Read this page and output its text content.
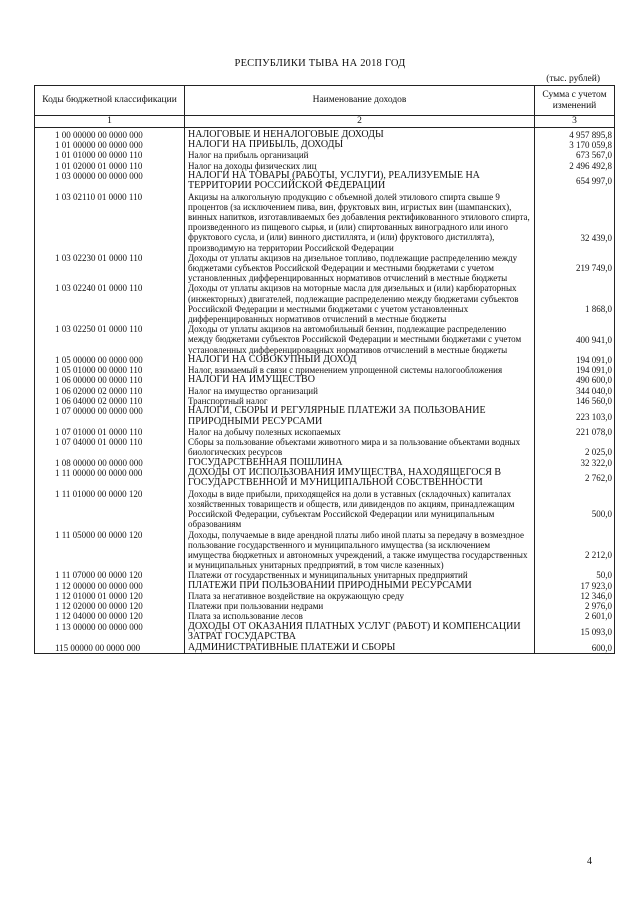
РЕСПУБЛИКИ ТЫВА НА 2018 ГОД
(тыс. рублей)
Коды бюджетной классификации	Наименование доходов	Сумма с учетом изменений
1	2	3
1 00 00000 00 0000 000	НАЛОГОВЫЕ И НЕНАЛОГОВЫЕ ДОХОДЫ	4 957 895,8
1 01 00000 00 0000 000	НАЛОГИ НА ПРИБЫЛЬ, ДОХОДЫ	3 170 059,8
1 01 01000 00 0000 110	Налог на прибыль организаций	673 567,0
1 01 02000 01 0000 110	Налог на доходы физических лиц	2 496 492,8
1 03 00000 00 0000 000	НАЛОГИ НА ТОВАРЫ (РАБОТЫ, УСЛУГИ), РЕАЛИЗУЕМЫЕ НА ТЕРРИТОРИИ РОССИЙСКОЙ ФЕДЕРАЦИИ	654 997,0
1 03 02110 01 0000 110	Акцизы на алкогольную продукцию с объемной долей этилового спирта свыше 9 процентов (за исключением пива, вин, фруктовых вин, игристых вин (шампанских), винных напитков, изготавливаемых без добавления ректификованного этилового спирта, произведенного из пищевого сырья, и (или) спиртованных виноградного или иного фруктового сусла, и (или) винного дистиллята, и (или) фруктового дистиллята), производимую на территории Российской Федерации	32 439,0
1 03 02230 01 0000 110	Доходы от уплаты акцизов на дизельное топливо, подлежащие распределению между бюджетами субъектов Российской Федерации и местными бюджетами с учетом установленных дифференцированных нормативов отчислений в местные бюджеты	219 749,0
1 03 02240 01 0000 110	Доходы от уплаты акцизов на моторные масла для дизельных и (или) карбюраторных (инжекторных) двигателей, подлежащие распределению между бюджетами субъектов Российской Федерации и местными бюджетами с учетом установленных дифференцированных нормативов отчислений в местные бюджеты	1 868,0
1 03 02250 01 0000 110	Доходы от уплаты акцизов на автомобильный бензин, подлежащие распределению между бюджетами субъектов Российской Федерации и местными бюджетами с учетом установленных дифференцированных нормативов отчислений в местные бюджеты	400 941,0
1 05 00000 00 0000 000	НАЛОГИ НА СОВОКУПНЫЙ ДОХОД	194 091,0
1 05 01000 00 0000 110	Налог, взимаемый в связи с применением упрощенной системы налогообложения	194 091,0
1 06 00000 00 0000 110	НАЛОГИ НА ИМУЩЕСТВО	490 600,0
1 06 02000 02 0000 110	Налог на имущество организаций	344 040,0
1 06 04000 02 0000 110	Транспортный налог	146 560,0
1 07 00000 00 0000 000	НАЛОГИ, СБОРЫ И РЕГУЛЯРНЫЕ ПЛАТЕЖИ ЗА ПОЛЬЗОВАНИЕ ПРИРОДНЫМИ РЕСУРСАМИ	223 103,0
1 07 01000 01 0000 110	Налог на добычу полезных ископаемых	221 078,0
1 07 04000 01 0000 110	Сборы за пользование объектами животного мира и за пользование объектами водных биологических ресурсов	2 025,0
1 08 00000 00 0000 000	ГОСУДАРСТВЕННАЯ ПОШЛИНА	32 322,0
1 11 00000 00 0000 000	ДОХОДЫ ОТ ИСПОЛЬЗОВАНИЯ ИМУЩЕСТВА, НАХОДЯЩЕГОСЯ В ГОСУДАРСТВЕННОЙ И МУНИЦИПАЛЬНОЙ СОБСТВЕННОСТИ	2 762,0
1 11 01000 00 0000 120	Доходы в виде прибыли, приходящейся на доли в уставных (складочных) капиталах хозяйственных товариществ и обществ, или дивидендов по акциям, принадлежащим Российской Федерации, субъектам Российской Федерации или муниципальным образованиям	500,0
1 11 05000 00 0000 120	Доходы, получаемые в виде арендной платы либо иной платы за передачу в возмездное пользование государственного и муниципального имущества (за исключением имущества бюджетных и автономных учреждений, а также имущества государственных и муниципальных унитарных предприятий, в том числе казенных)	2 212,0
1 11 07000 00 0000 120	Платежи от государственных и муниципальных унитарных предприятий	50,0
1 12 00000 00 0000 000	ПЛАТЕЖИ ПРИ ПОЛЬЗОВАНИИ ПРИРОДНЫМИ РЕСУРСАМИ	17 923,0
1 12 01000 01 0000 120	Плата за негативное воздействие на окружающую среду	12 346,0
1 12 02000 00 0000 120	Платежи при пользовании недрами	2 976,0
1 12 04000 00 0000 120	Плата за использование лесов	2 601,0
1 13 00000 00 0000 000	ДОХОДЫ ОТ ОКАЗАНИЯ ПЛАТНЫХ УСЛУГ (РАБОТ) И КОМПЕНСАЦИИ ЗАТРАТ ГОСУДАРСТВА	15 093,0
115 00000 00 0000 000	АДМИНИСТРАТИВНЫЕ ПЛАТЕЖИ И СБОРЫ	600,0
4
